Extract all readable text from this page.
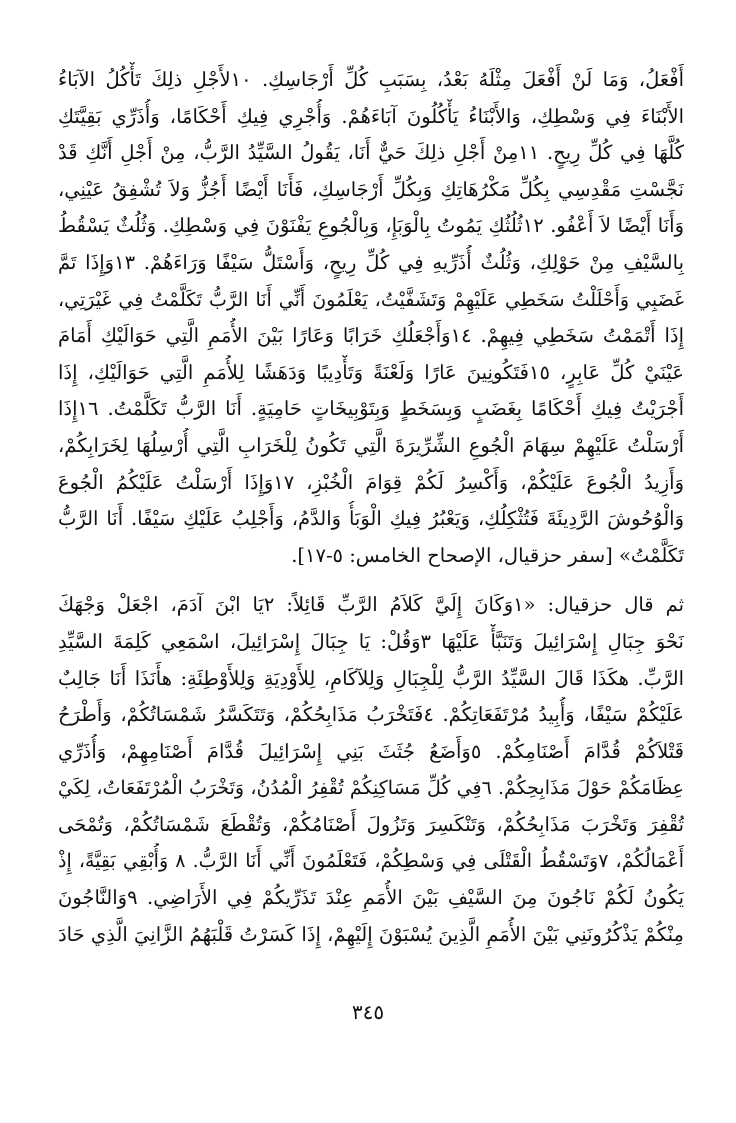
أَفْعَلُ، وَمَا لَنْ أَفْعَلَ مِثْلَهُ بَعْدُ، بِسَبَبِ كُلِّ أَرْجَاسِكِ. ١٠لأَجْلِ ذلِكَ تَأْكُلُ الآبَاءُ
الأَبْنَاءَ فِي وَسْطِكِ، وَالأَبْنَاءُ يَأْكُلُونَ آبَاءَهُمْ. وَأُجْرِي فِيكِ أَحْكَامًا، وَأُذَرِّي بَقِيَّتَكِ
كُلَّهَا فِي كُلِّ رِيحٍ. ١١مِنْ أَجْلِ ذلِكَ حَيٌّ أَنَا، يَقُولُ السَّيِّدُ الرَّبُّ، مِنْ أَجْلِ أَنَّكِ قَدْ
نَجَّسْتِ مَقْدِسِي بِكُلِّ مَكْرُهَاتِكِ وَبِكُلِّ أَرْجَاسِكِ، فَأَنَا أَيْضًا أَجُزُّ وَلاَ تُشْفِقُ عَيْنِي،
وَأَنَا أَيْضًا لاَ أَعْفُو. ١٢ثُلُثُكِ يَمُوتُ بِالْوَبَإِ، وَبِالْجُوعِ يَفْنَوْنَ فِي وَسْطِكِ. وَثُلُثٌ يَسْقُطُ
بِالسَّيْفِ مِنْ حَوْلِكِ، وَثُلُثٌ أُذَرِّيهِ فِي كُلِّ رِيحٍ، وَأَسْتَلُّ سَيْفًا وَرَاءَهُمْ. ١٣وَإِذَا تَمَّ
غَضَبِي وَأَحْلَلْتُ سَخَطِي عَلَيْهِمْ وَتَشَفَّيْتُ، يَعْلَمُونَ أَنِّي أَنَا الرَّبُّ تَكَلَّمْتُ فِي غَيْرَتِي،
إِذَا أَتْمَمْتُ سَخَطِي فِيهِمْ. ١٤وَأَجْعَلُكِ خَرَابًا وَعَارًا بَيْنَ الأُمَمِ الَّتِي حَوَالَيْكِ أَمَامَ
عَيْنَيْ كُلِّ عَابِرٍ، ١٥فَتَكُونِينَ عَارًا وَلَعْنَةً وَتَأْدِيبًا وَدَهَشًا لِلأُمَمِ الَّتِي حَوَالَيْكِ، إِذَا
أَجْرَيْتُ فِيكِ أَحْكَامًا بِغَضَبٍ وَبِسَخَطٍ وَبِتَوْبِيخَاتٍ حَامِيَةٍ. أَنَا الرَّبُّ تَكَلَّمْتُ. ١٦إِذَا
أَرْسَلْتُ عَلَيْهِمْ سِهَامَ الْجُوعِ الشِّرِّيرَةَ الَّتِي تَكُونُ لِلْخَرَابِ الَّتِي أُرْسِلُهَا لِخَرَابِكُمْ،
وَأَزِيدُ الْجُوعَ عَلَيْكُمْ، وَأَكْسِرُ لَكُمْ قِوَامَ الْخُبْزِ، ١٧وَإِذَا أَرْسَلْتُ عَلَيْكُمُ الْجُوعَ
وَالْوُحُوشَ الرَّدِيئَةَ فَتُثْكِلُكِ، وَيَعْبُرُ فِيكِ الْوَبَأُ وَالدَّمُ، وَأَجْلِبُ عَلَيْكِ سَيْفًا. أَنَا الرَّبُّ
تَكَلَّمْتُ» [سفر حزقيال، الإصحاح الخامس: ٥-١٧].
ثم قال حزقيال: «١وَكَانَ إِلَيَّ كَلاَمُ الرَّبِّ قَائِلاً: ٢يَا ابْنَ آدَمَ، اجْعَلْ وَجْهَكَ
نَحْوَ جِبَالِ إِسْرَائِيلَ وَتَنَبَّأْ عَلَيْهَا ٣وَقُلْ: يَا جِبَالَ إِسْرَائِيلَ، اسْمَعِي كَلِمَةَ السَّيِّدِ
الرَّبِّ. هكَذَا قَالَ السَّيِّدُ الرَّبُّ لِلْجِبَالِ وَلِلآكَامِ، لِلأَوْدِيَةِ وَلِلأَوْطِئَةِ: هأَنَذَا أَنَا جَالِبٌ
عَلَيْكُمْ سَيْفًا، وَأُبِيدُ مُرْتَفَعَاتِكُمْ. ٤فَتَخْرَبُ مَذَابِحُكُمْ، وَتَتَكَسَّرُ شَمْسَاتُكُمْ، وَأَطْرَحُ
قَتْلاَكُمْ قُدَّامَ أَصْنَامِكُمْ. ٥وَأَضَعُ جُثَثَ بَنِي إِسْرَائِيلَ قُدَّامَ أَصْنَامِهِمْ، وَأُذَرِّي
عِظَامَكُمْ حَوْلَ مَذَابِحِكُمْ. ٦فِي كُلِّ مَسَاكِنِكُمْ تُقْفِرُ الْمُدُنُ، وَتَخْرَبُ الْمُرْتَفَعَاتُ، لِكَيْ
تُقْفِرَ وَتَخْرَبَ مَذَابِحُكُمْ، وَتَنْكَسِرَ وَتَزُولَ أَصْنَامُكُمْ، وَتُقْطَعَ شَمْسَاتُكُمْ، وَتُمْحَى
أَعْمَالُكُمْ، ٧وَتَسْقُطُ الْقَتْلَى فِي وَسْطِكُمْ، فَتَعْلَمُونَ أَنِّي أَنَا الرَّبُّ. ٨ وَأُبْقِي بَقِيَّةً، إِذْ
يَكُونُ لَكُمْ نَاجُونَ مِنَ السَّيْفِ بَيْنَ الأُمَمِ عِنْدَ تَذَرِّيكُمْ فِي الأَرَاضِي. ٩وَالنَّاجُونَ
مِنْكُمْ يَذْكُرُونَنِي بَيْنَ الأُمَمِ الَّذِينَ يُسْبَوْنَ إِلَيْهِمْ، إِذَا كَسَرْتُ قَلْبَهُمُ الزَّانِيَ الَّذِي حَادَ
٣٤٥
